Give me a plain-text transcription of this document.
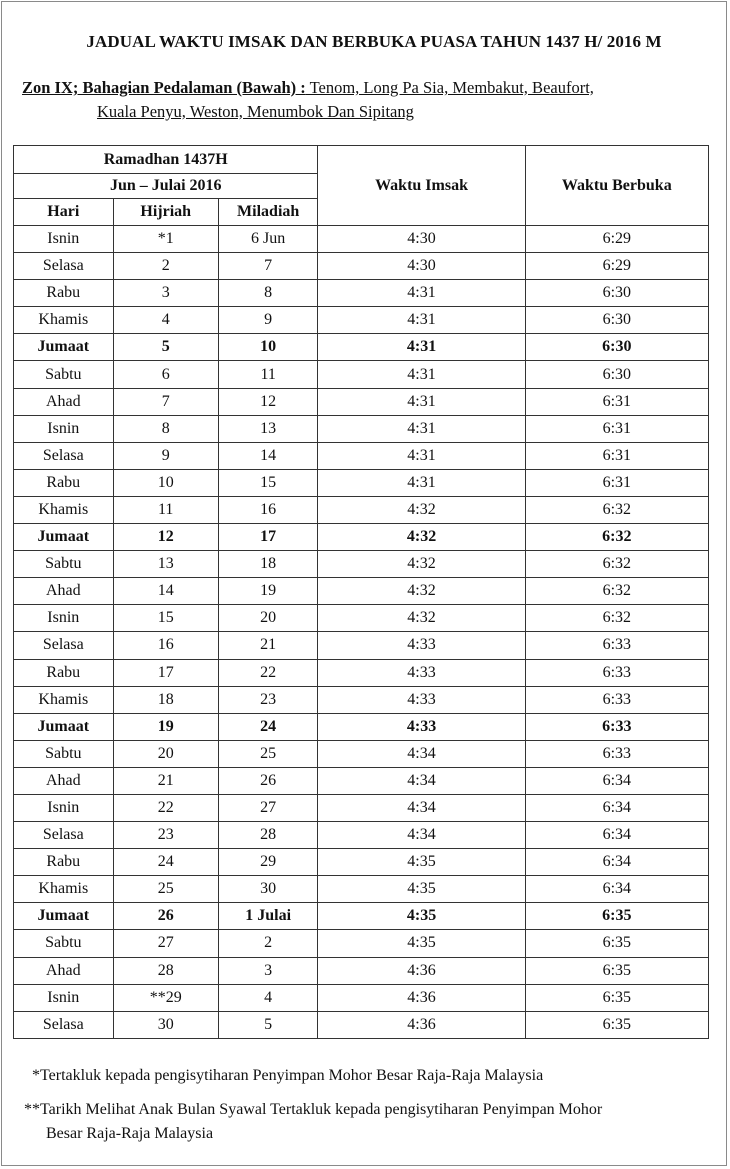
JADUAL WAKTU IMSAK DAN BERBUKA PUASA TAHUN 1437 H/ 2016 M
Zon IX; Bahagian Pedalaman (Bawah) : Tenom, Long Pa Sia, Membakut, Beaufort,
Kuala Penyu, Weston, Menumbok Dan Sipitang
Ramadhan 1437H			Waktu Imsak	Waktu Berbuka
Jun – Julai 2016				
Hari	Hijriah	Miladiah		
Isnin	*1	6 Jun	4:30	6:29
Selasa	2	7	4:30	6:29
Rabu	3	8	4:31	6:30
Khamis	4	9	4:31	6:30
Jumaat	5	10	4:31	6:30
Sabtu	6	11	4:31	6:30
Ahad	7	12	4:31	6:31
Isnin	8	13	4:31	6:31
Selasa	9	14	4:31	6:31
Rabu	10	15	4:31	6:31
Khamis	11	16	4:32	6:32
Jumaat	12	17	4:32	6:32
Sabtu	13	18	4:32	6:32
Ahad	14	19	4:32	6:32
Isnin	15	20	4:32	6:32
Selasa	16	21	4:33	6:33
Rabu	17	22	4:33	6:33
Khamis	18	23	4:33	6:33
Jumaat	19	24	4:33	6:33
Sabtu	20	25	4:34	6:33
Ahad	21	26	4:34	6:34
Isnin	22	27	4:34	6:34
Selasa	23	28	4:34	6:34
Rabu	24	29	4:35	6:34
Khamis	25	30	4:35	6:34
Jumaat	26	1 Julai	4:35	6:35
Sabtu	27	2	4:35	6:35
Ahad	28	3	4:36	6:35
Isnin	**29	4	4:36	6:35
Selasa	30	5	4:36	6:35
*Tertakluk kepada pengisytiharan Penyimpan Mohor Besar Raja-Raja Malaysia
**Tarikh Melihat Anak Bulan Syawal Tertakluk kepada pengisytiharan Penyimpan Mohor
Besar Raja-Raja Malaysia
